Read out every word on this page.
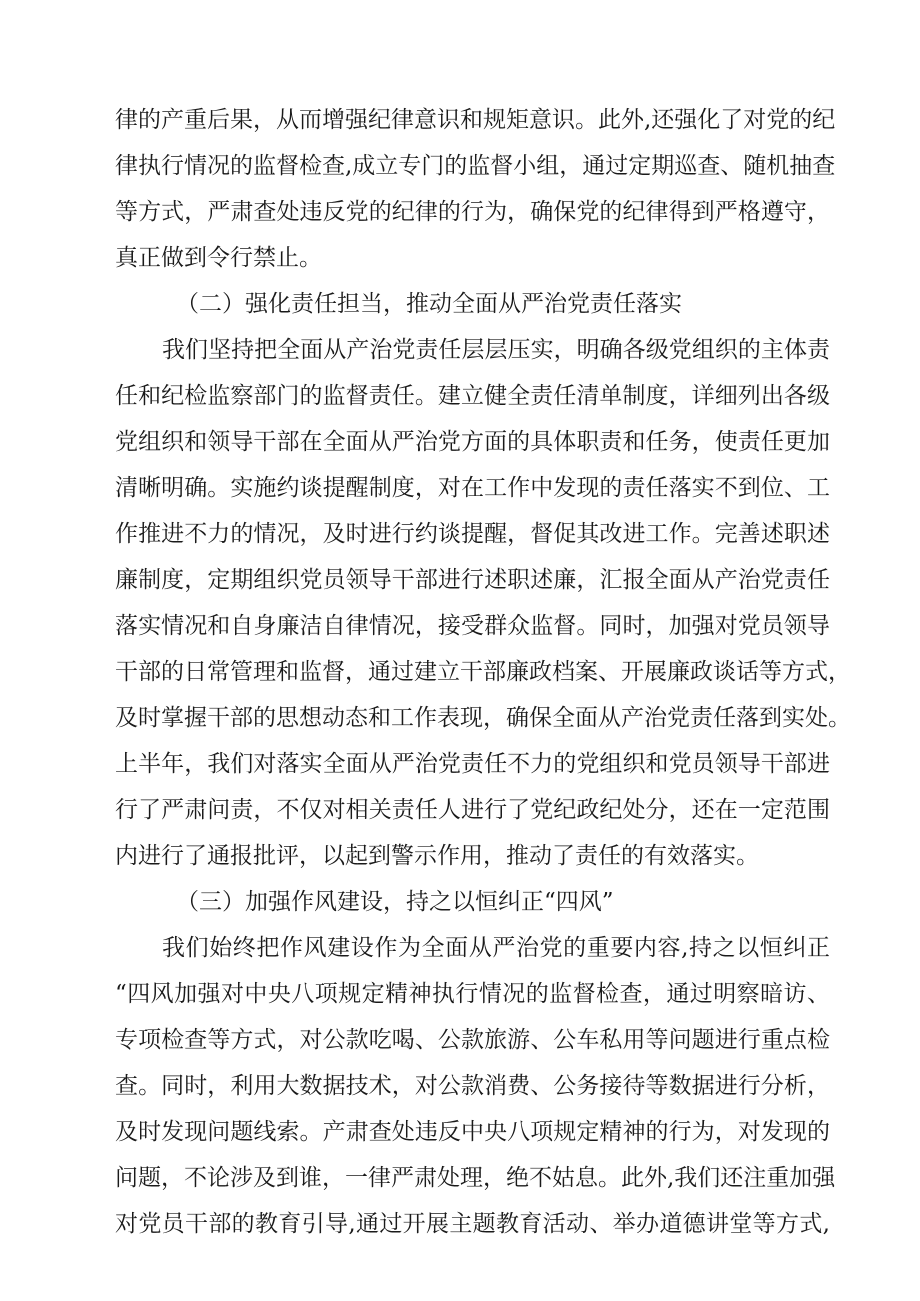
律的产重后果，从而增强纪律意识和规矩意识。此外,还强化了对党的纪
律执行情况的监督检查,成立专门的监督小组，通过定期巡查、随机抽查
等方式，严肃查处违反党的纪律的行为，确保党的纪律得到严格遵守，
真正做到令行禁止。
（二）强化责任担当，推动全面从严治党责任落实
我们坚持把全面从产治党责任层层压实，明确各级党组织的主体责
任和纪检监察部门的监督责任。建立健全责任清单制度，详细列出各级
党组织和领导干部在全面从严治党方面的具体职责和任务，使责任更加
清晰明确。实施约谈提醒制度，对在工作中发现的责任落实不到位、工
作推进不力的情况，及时进行约谈提醒，督促其改进工作。完善述职述
廉制度，定期组织党员领导干部进行述职述廉，汇报全面从产治党责任
落实情况和自身廉洁自律情况，接受群众监督。同时，加强对党员领导
干部的日常管理和监督，通过建立干部廉政档案、开展廉政谈话等方式，
及时掌握干部的思想动态和工作表现，确保全面从产治党责任落到实处。
上半年，我们对落实全面从严治党责任不力的党组织和党员领导干部进
行了严肃问责，不仅对相关责任人进行了党纪政纪处分，还在一定范围
内进行了通报批评，以起到警示作用，推动了责任的有效落实。
（三）加强作风建设，持之以恒纠正“四风”
我们始终把作风建设作为全面从严治党的重要内容,持之以恒纠正
“四风加强对中央八项规定精神执行情况的监督检查，通过明察暗访、
专项检查等方式，对公款吃喝、公款旅游、公车私用等问题进行重点检
查。同时，利用大数据技术，对公款消费、公务接待等数据进行分析，
及时发现问题线索。产肃查处违反中央八项规定精神的行为，对发现的
问题，不论涉及到谁，一律严肃处理，绝不姑息。此外,我们还注重加强
对党员干部的教育引导,通过开展主题教育活动、举办道德讲堂等方式,
